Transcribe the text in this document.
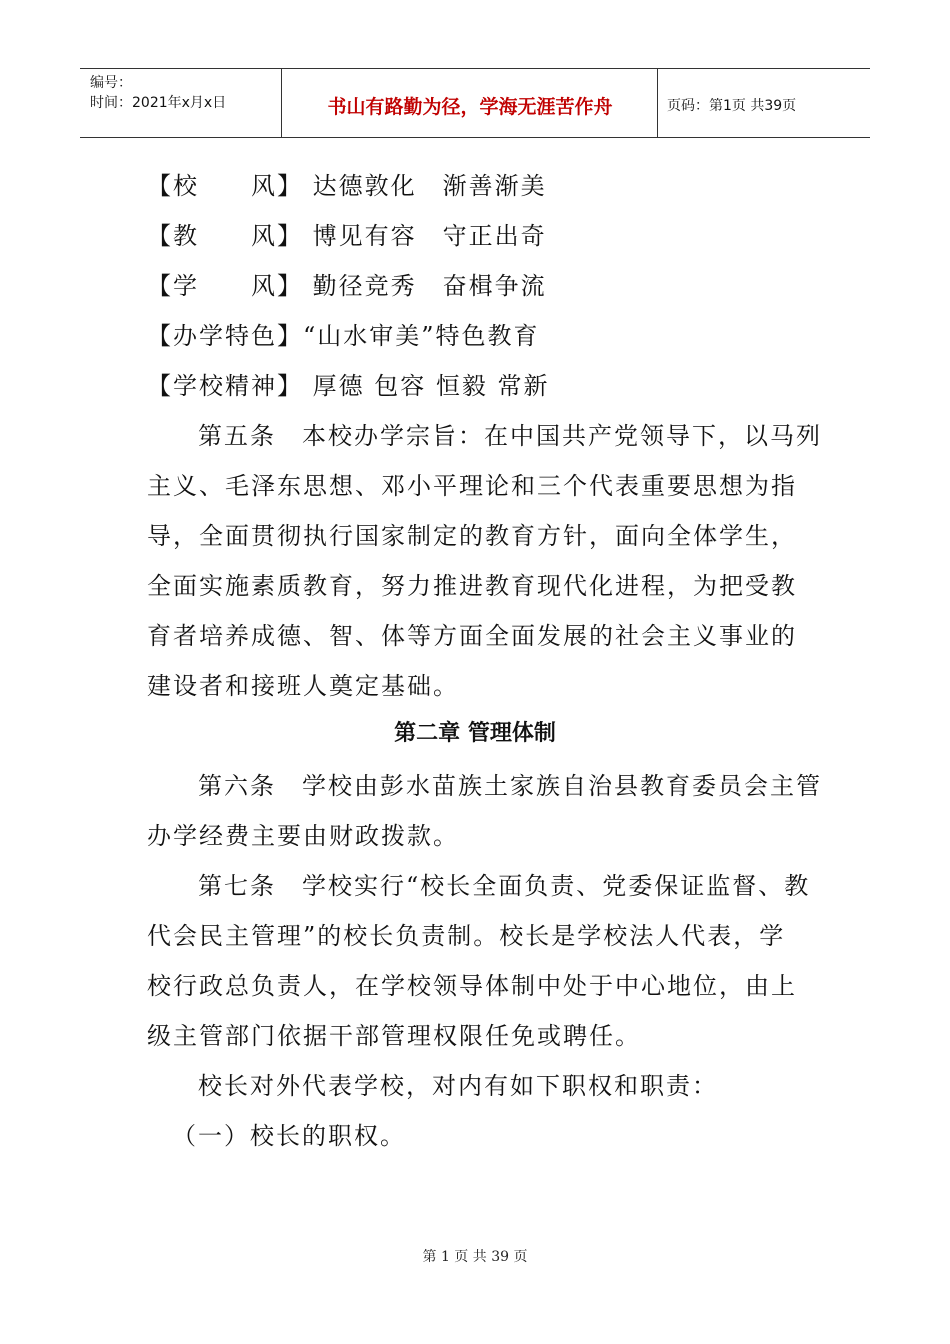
编号：
时间：2021年x月x日	书山有路勤为径，学海无涯苦作舟	页码：第1页 共39页
【校　　风】 达德敦化　渐善渐美
【教　　风】 博见有容　守正出奇
【学　　风】 勤径竞秀　奋楫争流
【办学特色】“山水审美”特色教育
【学校精神】 厚德 包容 恒毅 常新
第五条　本校办学宗旨：在中国共产党领导下，以马列
主义、毛泽东思想、邓小平理论和三个代表重要思想为指
导，全面贯彻执行国家制定的教育方针，面向全体学生，
全面实施素质教育，努力推进教育现代化进程，为把受教
育者培养成德、智、体等方面全面发展的社会主义事业的
建设者和接班人奠定基础。
第二章 管理体制
第六条　学校由彭水苗族土家族自治县教育委员会主管
办学经费主要由财政拨款。
第七条　学校实行“校长全面负责、党委保证监督、教
代会民主管理”的校长负责制。校长是学校法人代表，学
校行政总负责人，在学校领导体制中处于中心地位，由上
级主管部门依据干部管理权限任免或聘任。
校长对外代表学校，对内有如下职权和职责：
（一）校长的职权。
第 1 页 共 39 页
